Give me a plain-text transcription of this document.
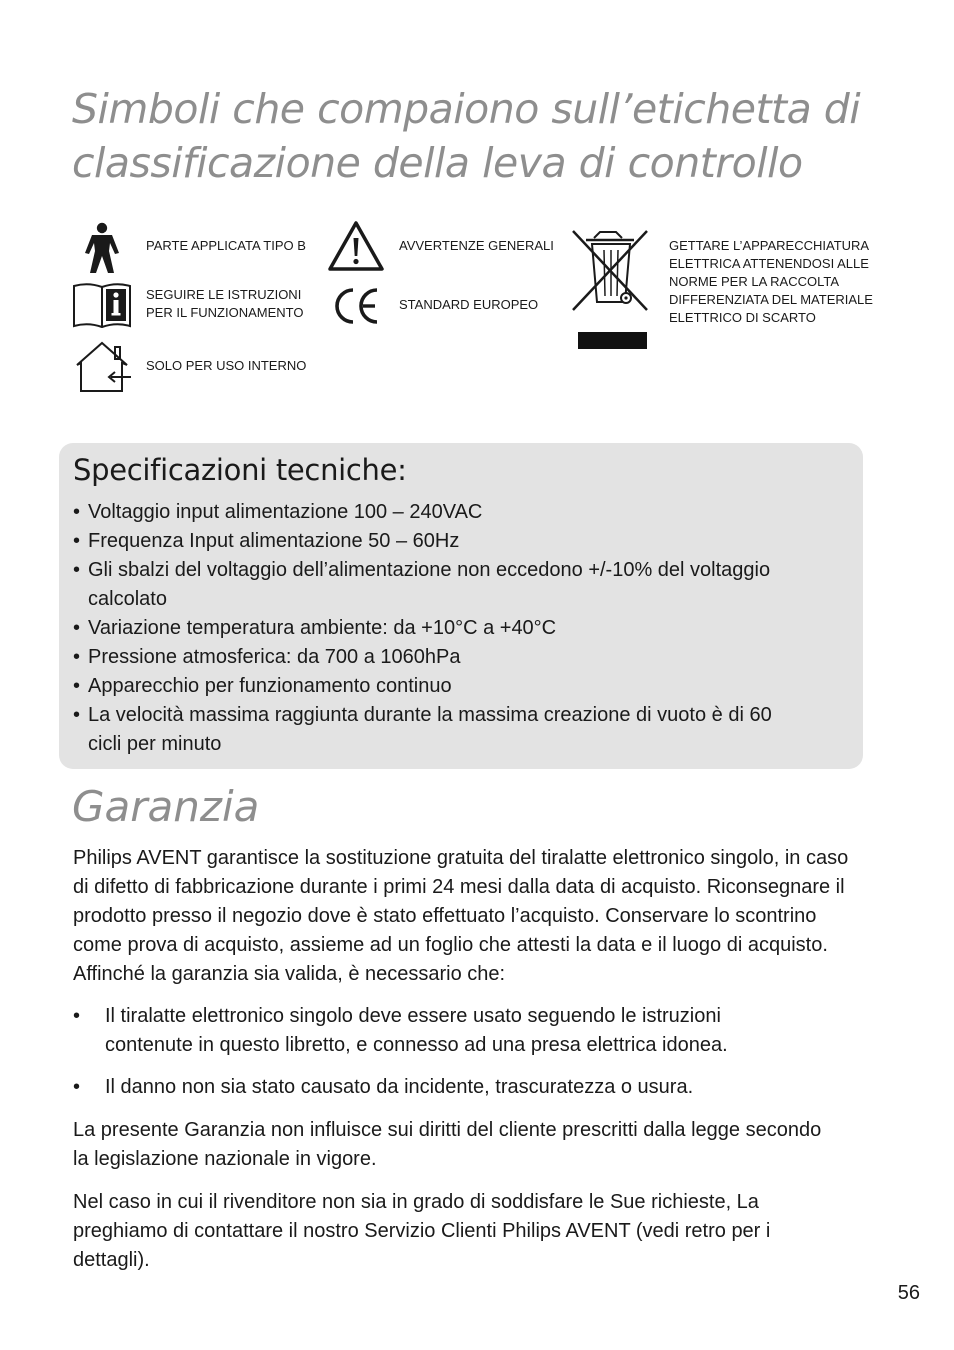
Simboli che compaiono sull’etichetta di classificazione della leva di controllo
PARTE APPLICATA TIPO B
SEGUIRE LE ISTRUZIONI
PER IL FUNZIONAMENTO
SOLO PER USO INTERNO
AVVERTENZE GENERALI
STANDARD EUROPEO
GETTARE L’APPARECCHIATURA
ELETTRICA ATTENENDOSI ALLE
NORME PER LA RACCOLTA
DIFFERENZIATA DEL MATERIALE
ELETTRICO DI SCARTO
Specificazioni tecniche:
• Voltaggio input alimentazione 100 – 240VAC
• Frequenza Input alimentazione 50 – 60Hz
• Gli sbalzi del voltaggio dell’alimentazione non eccedono +/-10% del voltaggio calcolato
• Variazione temperatura ambiente: da +10°C a +40°C
• Pressione atmosferica: da 700 a 1060hPa
• Apparecchio per funzionamento continuo
• La velocità massima raggiunta durante la massima creazione di vuoto è di 60 cicli per minuto
Garanzia

Philips AVENT garantisce la sostituzione gratuita del tiralatte elettronico singolo, in caso di difetto di fabbricazione durante i primi 24 mesi dalla data di acquisto. Riconsegnare il prodotto presso il negozio dove è stato effettuato l’acquisto. Conservare lo scontrino come prova di acquisto, assieme ad un foglio che attesti la data e il luogo di acquisto. Affinché la garanzia sia valida, è necessario che:

• Il tiralatte elettronico singolo deve essere usato seguendo le istruzioni contenute in questo libretto, e connesso ad una presa elettrica idonea.
• Il danno non sia stato causato da incidente, trascuratezza o usura.

La presente Garanzia non influisce sui diritti del cliente prescritti dalla legge secondo la legislazione nazionale in vigore.

Nel caso in cui il rivenditore non sia in grado di soddisfare le Sue richieste, La preghiamo di contattare il nostro Servizio Clienti Philips AVENT (vedi retro per i dettagli).

56
